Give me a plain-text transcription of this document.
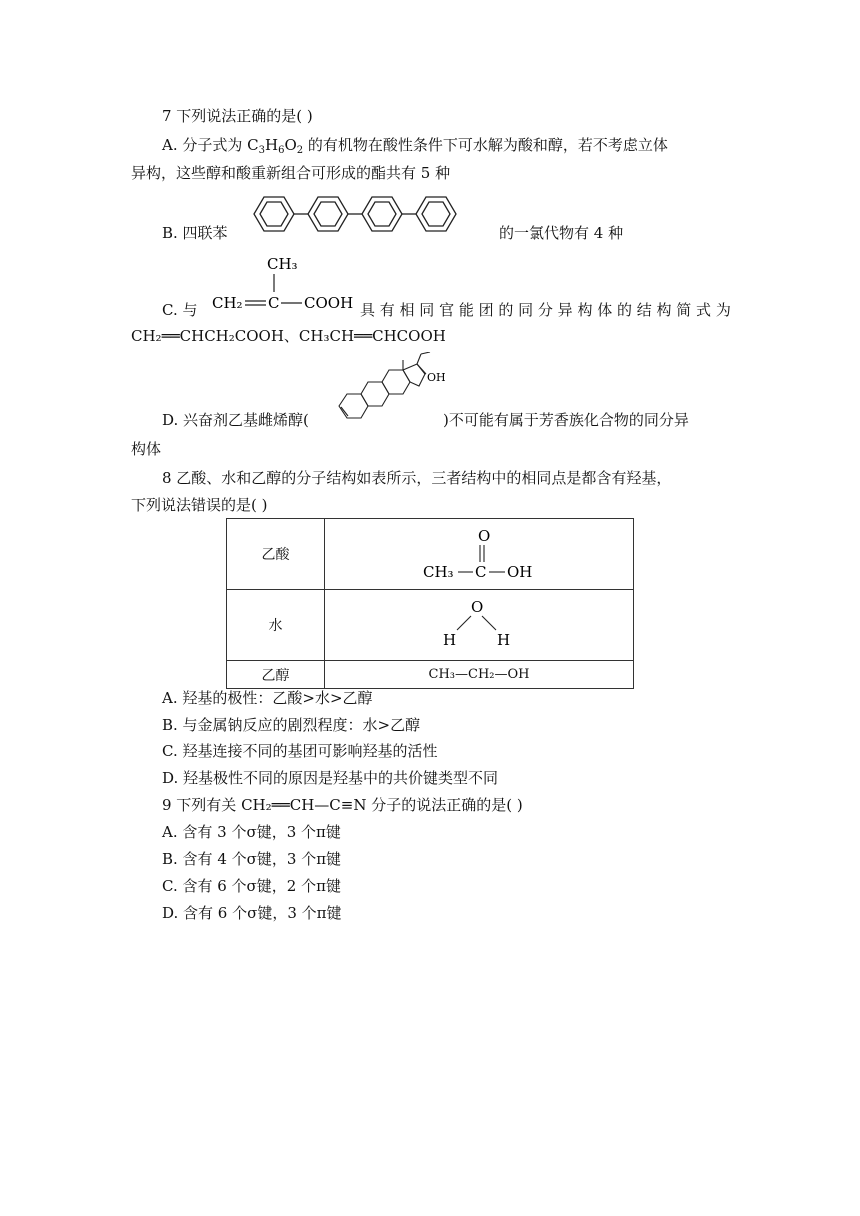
7 下列说法正确的是( )
A. 分子式为 $C_3H_6O_2$ 的有机物在酸性条件下可水解为酸和醇，若不考虑立体
异构，这些醇和酸重新组合可形成的酯共有 5 种
B. 四联苯	的一氯代物有 4 种
C. 与
CH₃
CH₂ C COOH 具 有 相 同 官 能 团 的 同 分 异 构 体 的 结 构 简 式 为
CH₂══CHCH₂COOH、CH₃CH══CHCOOH
D. 兴奋剂乙基雌烯醇(
OH
)不可能有属于芳香族化合物的同分异
构体
8 乙酸、水和乙醇的分子结构如表所示，三者结构中的相同点是都含有羟基，
下列说法错误的是( )
乙酸	O
CH₃ C OH

水	O
H H

乙醇	CH₃—CH₂—OH
A. 羟基的极性：乙酸>水>乙醇
B. 与金属钠反应的剧烈程度：水>乙醇
C. 羟基连接不同的基团可影响羟基的活性
D. 羟基极性不同的原因是羟基中的共价键类型不同
9 下列有关 CH₂══CH—C≡N 分子的说法正确的是( )
A. 含有 3 个σ键，3 个π键
B. 含有 4 个σ键，3 个π键
C. 含有 6 个σ键，2 个π键
D. 含有 6 个σ键，3 个π键
